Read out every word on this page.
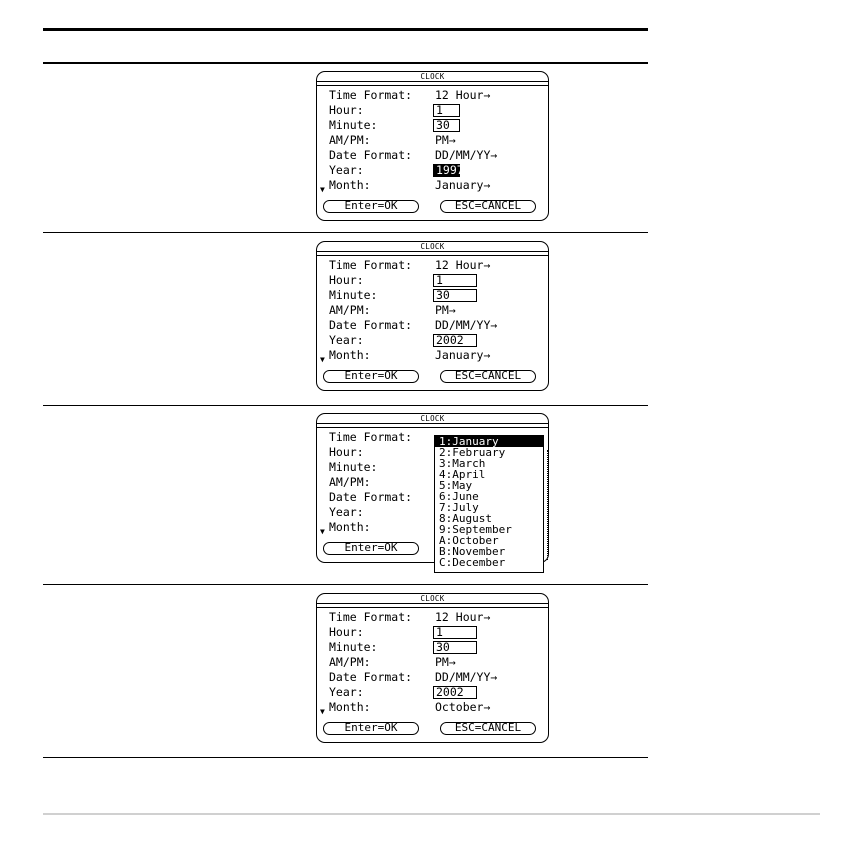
CLOCK
Time Format: 12 Hour→
Hour:	1
Minute:	30
AM/PM:	PM→
Date Format: DD/MM/YY→
Year:	1997
▼ Month:	January→
Enter=OK	ESC=CANCEL
CLOCK
Time Format: 12 Hour→
Hour:	1
Minute:	30
AM/PM:	PM→
Date Format: DD/MM/YY→
Year:	2002
▼ Month:	January→
Enter=OK	ESC=CANCEL
CLOCK
Time Format:
Hour:
Minute:
AM/PM:
Date Format:
Year:
▼ Month:
Enter=OK
1:January
2:February
3:March
4:April
5:May
6:June
7:July
8:August
9:September
A:October
B:November
C:December
CLOCK
Time Format: 12 Hour→
Hour:	1
Minute:	30
AM/PM:	PM→
Date Format: DD/MM/YY→
Year:	2002
▼ Month:	October→
Enter=OK	ESC=CANCEL
